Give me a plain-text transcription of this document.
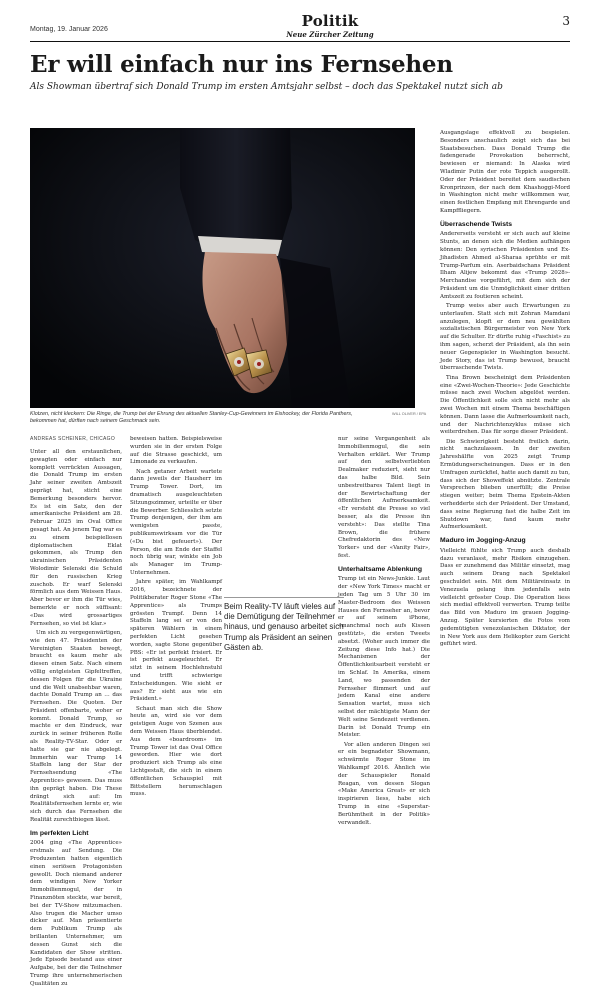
Montag, 19. Januar 2026	Politik
Neue Zürcher Zeitung
3
Er will einfach nur ins Fernsehen
Als Showman übertraf sich Donald Trump im ersten Amtsjahr selbst – doch das Spektakel nutzt sich ab
Klotzen, nicht kleckern: Die Ringe, die Trump bei der Ehrung des aktuellen Stanley-Cup-Gewinners im Eishockey, der Florida Panthers, bekommen hat, dürften nach seinem Geschmack sein.
WILL OLIVER / EPA
ANDREAS SCHEINER, CHICAGO

Unter all den erstaunlichen, gewagten oder einfach nur komplett verrückten Aussagen, die Donald Trump im ersten Jahr seiner zweiten Amtszeit geprägt hat, sticht eine Bemerkung besonders hervor. Es ist ein Satz, den der amerikanische Präsident am 28. Februar 2025 im Oval Office gesagt hat. An jenem Tag war es zu einem beispiellosen diplomatischen Eklat gekommen, als Trump den ukrainischen Präsidenten Wolodimir Selenski die Schuld für den russischen Krieg zuschob. Er warf Selenski förmlich aus dem Weissen Haus. Aber bevor er ihm die Tür wies, bemerkte er noch süffisant: «Das wird grossartiges Fernsehen, so viel ist klar.»

Um sich zu vergegenwärtigen, wie den 47. Präsidenten der Vereinigten Staaten bewegt, braucht es kaum mehr als diesen einen Satz. Nach einem völlig entgleisten Gipfeltreffen, dessen Folgen für die Ukraine und die Welt unabsehbar waren, dachte Donald Trump an … das Fernsehen. Die Quoten. Der Präsident offenbarte, woher er kommt. Donald Trump, so machte er den Eindruck, war zurück in seiner früheren Rolle als Reality-TV-Star. Oder er hatte sie gar nie abgelegt. Immerhin war Trump 14 Staffeln lang der Star der Fernsehsendung «The Apprentice» gewesen. Das muss ihn geprägt haben. Die These drängt sich auf: Im Realitätsfernsehen lernte er, wie sich durch das Fernsehen die Realität zurechtbiegen lässt.

Im perfekten Licht

2004 ging «The Apprentice» erstmals auf Sendung. Die Produzenten hatten eigentlich einen seriösen Protagonisten gewollt. Doch niemand anderer dem windigen New Yorker Immobilienmogul, der in Finanznöten steckte, war bereit, bei der TV-Show mitzumachen. Also trugen die Macher umso dicker auf. Man präsentierte dem Publikum Trump als brillanten Unternehmer, um dessen Gunst sich die Kandidaten der Show stritten. Jede Episode bestand aus einer Aufgabe, bei der die Teilnehmer Trump ihre unternehmerischen Qualitäten zu

beweisen hatten. Beispielsweise wurden sie in der ersten Folge auf die Strasse geschickt, um Limonade zu verkaufen.

Nach getaner Arbeit wartete dann jeweils der Hausherr im Trump Tower. Dort, im dramatisch ausgeleuchteten Sitzungszimmer, urteilte er über die Bewerber. Schliesslich setzte Trump denjenigen, der ihm am wenigsten passte, publikumswirksam vor die Tür («Du bist gefeuert»). Der Person, die am Ende der Staffel noch übrig war, winkte ein Job als Manager im Trump-Unternehmen.

Jahre später, im Wahlkampf 2016, bezeichnete der Politikberater Roger Stone «The Apprentice» als Trumps grössten Trumpf. Denn 14 Staffeln lang sei er von den späteren Wählern in einem perfekten Licht gesehen worden, sagte Stone gegenüber PBS: «Er ist perfekt frisiert. Er ist perfekt ausgeleuchtet. Er sitzt in seinem Hochlehnstuhl und trifft schwierige Entscheidungen. Wie sieht er aus? Er sieht aus wie ein Präsident.»

Schaut man sich die Show heute an, wird sie vor dem geistigen Auge von Szenen aus dem Weissen Haus überblendet. Aus dem «boardroom» im Trump Tower ist das Oval Office geworden. Hier wie dort produziert sich Trump als eine Lichtgestalt, die sich in einem öffentlichen Schauspiel mit Bittstellern herumschlagen muss.

Beim Reality-TV läuft vieles auf die Demütigung der Teilnehmer hinaus, und genauso arbeitet sich Trump als Präsident an seinen Gästen ab.

nur seine Vergangenheit als Immobilienmogul, die sein Verhalten erklärt. Wer Trump auf den selbstverliebten Dealmaker reduziert, sieht nur das halbe Bild. Sein unbestreitbares Talent liegt in der Bewirtschaftung der öffentlichen Aufmerksamkeit. «Er versteht die Presse so viel besser, als die Presse ihn versteht»: Das stellte Tina Brown, die frühere Chefredaktorin des «New Yorker» und der «Vanity Fair», fest.

Unterhaltsame Ablenkung

Trump ist ein News-Junkie. Laut der «New York Times» macht er jeden Tag um 5 Uhr 30 im Master-Bedroom des Weissen Hauses den Fernseher an, bevor er auf seinem iPhone, «manchmal noch aufs Kissen gestützt», die ersten Tweets absetzt. (Woher auch immer die Zeitung diese Info hat.) Die Mechanismen der Öffentlichkeitsarbeit versteht er im Schlaf. In Amerika, einem Land, wo passenden der Fernseher flimmert und auf jedem Kanal eine andere Sensation wartet, muss sich selbst der mächtigste Mann der Welt seine Sendezeit verdienen. Darin ist Donald Trump ein Meister.

Vor allen anderen Dingen sei er ein begnadeter Showmann, schwärmte Roger Stone im Wahlkampf 2016. Ähnlich wie der Schauspieler Ronald Reagan, von dessen Slogan «Make America Great» er sich inspirieren liess, habe sich Trump in eine «Superstar-Berühmtheit in der Politik» verwandelt.

Ausgangslage effektvoll zu bespielen. Besonders anschaulich zeigt sich das bei Staatsbesuchen. Dass Donald Trump die fadengerade Provokation beherrscht, bewiesen er niemand: In Alaska wird Wladimir Putin der rote Teppich ausgerollt. Oder der Präsident bereitet dem saudischen Kronprinzen, der nach dem Khashoggi-Mord in Washington nicht mehr willkommen war, einen festlichen Empfang mit Ehrengarde und Kampffliegern.

Überraschende Twists

Andererseits versteht er sich auch auf kleine Stunts, an denen sich die Medien aufhängen können: Den syrischen Präsidenten und Ex-Jihadisten Ahmed al-Sharaa sprühte er mit Trump-Parfum ein. Aserbaidschans Präsident Ilham Alijew bekommt das «Trump 2028»-Merchandise vorgeführt, mit dem sich der Präsident um die Unmöglichkeit einer dritten Amtszeit zu foutieren scheint.

Trump weiss aber auch Erwartungen zu unterlaufen. Statt sich mit Zohran Mamdani anzulegen, klopft er dem neu gewählten sozialistischen Bürgermeister von New York auf die Schulter. Er dürfte ruhig «Faschist» zu ihm sagen, scherzt der Präsident, als ihn sein neuer Gegenspieler in Washington besucht. Jede Story, das ist Trump bewusst, braucht überraschende Twists.

Tina Brown bescheinigt dem Präsidenten eine «Zwei-Wochen-Theorie»: Jede Geschichte müsse nach zwei Wochen abgelöst werden. Die Öffentlichkeit solle sich nicht mehr als zwei Wochen mit einem Thema beschäftigen können. Dann lasse die Aufmerksamkeit nach, und der Nachrichtenzyklus müsse sich weiterdrehen. Das für sorge dieser Präsident.

Die Schwierigkeit besteht freilich darin, nicht nachzulassen. In der zweiten Jahreshälfte von 2025 zeigt Trump Ermüdungserscheinungen. Dass er in den Umfragen zurückfiel, hatte auch damit zu tun, dass sich der Showeffekt abnützte. Zentrale Versprechen blieben unerfüllt; die Preise stiegen weiter; beim Thema Epstein-Akten verhedderte sich der Präsident. Der Umstand, dass seine Regierung fast die halbe Zeit im Shutdown war, fand kaum mehr Aufmerksamkeit.

Maduro im Jogging-Anzug

Vielleicht fühlte sich Trump auch deshalb dazu veranlasst, mehr Risiken einzugehen. Dass er zunehmend das Militär einsetzt, mag auch seinem Drang nach Spektakel geschuldet sein. Mit dem Militäreinsatz in Venezuela gelang ihm jedenfalls sein vielleicht grösster Coup. Die Operation liess sich medial effektvoll verwerten. Trump teilte das Bild von Maduro im grauen Jogging-Anzug. Später kursierten die Fotos vom gedemütigten venezolanischen Diktator, der in New York aus dem Helikopter zum Gericht geführt wird.
